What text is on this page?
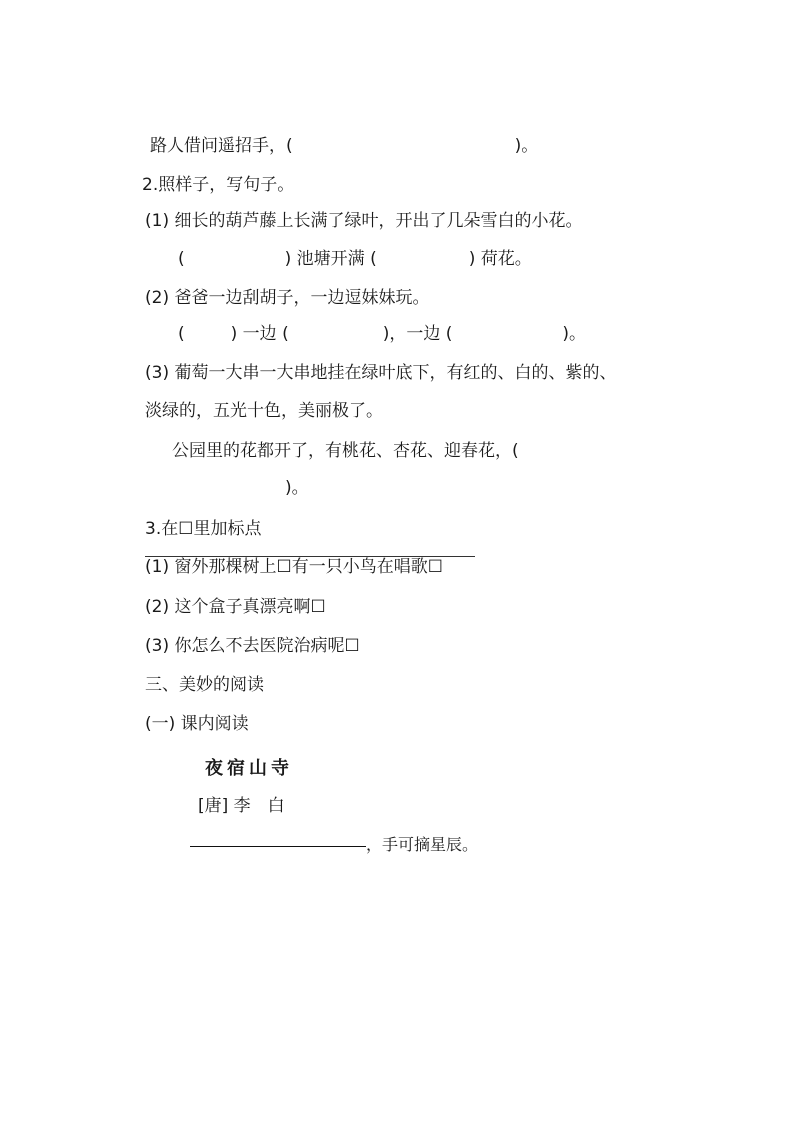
路人借问遥招手，(	)。
2.照样子，写句子。
(1) 细长的葫芦藤上长满了绿叶，开出了几朵雪白的小花。
(	) 池塘开满 (	) 荷花。
(2) 爸爸一边刮胡子，一边逗妹妹玩。
(	) 一边 (	)，一边 (	)。
(3) 葡萄一大串一大串地挂在绿叶底下，有红的、白的、紫的、
淡绿的，五光十色，美丽极了。
公园里的花都开了，有桃花、杏花、迎春花，(
)。
3.在☐里加标点
(1) 窗外那棵树上☐有一只小鸟在唱歌☐
(2) 这个盒子真漂亮啊☐
(3) 你怎么不去医院治病呢☐
三、美妙的阅读
(一) 课内阅读
夜宿山寺
[唐] 李　白
，手可摘星辰。
